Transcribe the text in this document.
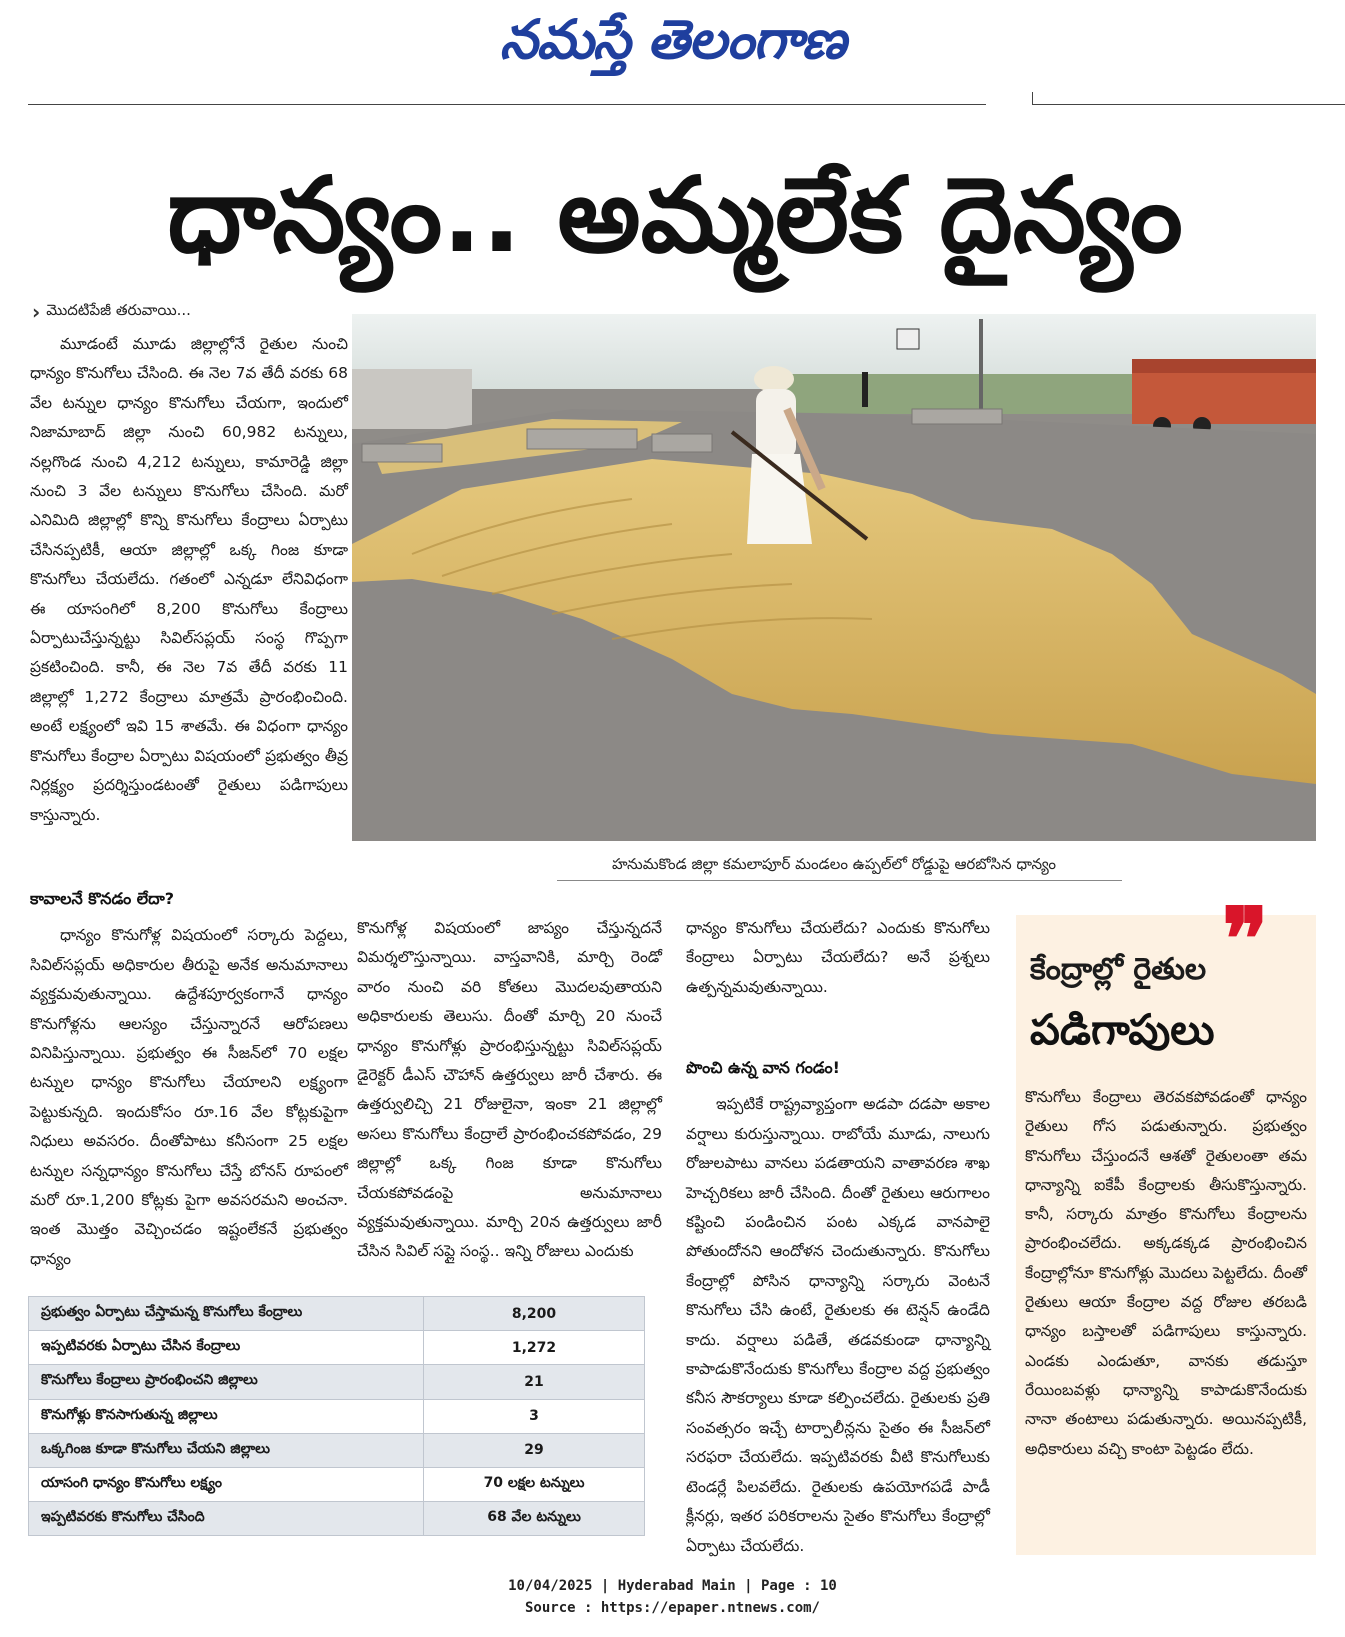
నమస్తే తెలంగాణ
ధాన్యం.. అమ్మలేక దైన్యం
› మొదటిపేజీ తరువాయి...

మూడంటే మూడు జిల్లాల్లోనే రైతుల నుంచి ధాన్యం కొనుగోలు చేసింది. ఈ నెల 7వ తేదీ వరకు 68 వేల టన్నుల ధాన్యం కొనుగోలు చేయగా, ఇందులో నిజామాబాద్ జిల్లా నుంచి 60,982 టన్నులు, నల్లగొండ నుంచి 4,212 టన్నులు, కామారెడ్డి జిల్లా నుంచి 3 వేల టన్నులు కొనుగోలు చేసింది. మరో ఎనిమిది జిల్లాల్లో కొన్ని కొనుగోలు కేంద్రాలు ఏర్పాటు చేసినప్పటికీ, ఆయా జిల్లాల్లో ఒక్క గింజ కూడా కొనుగోలు చేయలేదు. గతంలో ఎన్నడూ లేనివిధంగా ఈ యాసంగిలో 8,200 కొనుగోలు కేంద్రాలు ఏర్పాటుచేస్తున్నట్టు సివిల్‌సప్లయ్ సంస్థ గొప్పగా ప్రకటించింది. కానీ, ఈ నెల 7వ తేదీ వరకు 11 జిల్లాల్లో 1,272 కేంద్రాలు మాత్రమే ప్రారంభించింది. అంటే లక్ష్యంలో ఇవి 15 శాతమే. ఈ విధంగా ధాన్యం కొనుగోలు కేంద్రాల ఏర్పాటు విషయంలో ప్రభుత్వం తీవ్ర నిర్లక్ష్యం ప్రదర్శిస్తుండటంతో రైతులు పడిగాపులు కాస్తున్నారు.

హనుమకొండ జిల్లా కమలాపూర్ మండలం ఉప్పల్‌లో రోడ్డుపై ఆరబోసిన ధాన్యం

కావాలనే కొనడం లేదా?

ధాన్యం కొనుగోళ్ల విషయంలో సర్కారు పెద్దలు, సివిల్‌సప్లయ్ అధికారుల తీరుపై అనేక అనుమానాలు వ్యక్తమవుతున్నాయి. ఉద్దేశపూర్వకంగానే ధాన్యం కొనుగోళ్లను ఆలస్యం చేస్తున్నారనే ఆరోపణలు వినిపిస్తున్నాయి. ప్రభుత్వం ఈ సీజన్‌లో 70 లక్షల టన్నుల ధాన్యం కొనుగోలు చేయాలని లక్ష్యంగా పెట్టుకున్నది. ఇందుకోసం రూ.16 వేల కోట్లకుపైగా నిధులు అవసరం. దీంతోపాటు కనీసంగా 25 లక్షల టన్నుల సన్నధాన్యం కొనుగోలు చేస్తే బోనస్ రూపంలో మరో రూ.1,200 కోట్లకు పైగా అవసరమని అంచనా. ఇంత మొత్తం వెచ్చించడం ఇష్టంలేకనే ప్రభుత్వం ధాన్యం

కొనుగోళ్ల విషయంలో జాప్యం చేస్తున్నదనే విమర్శలొస్తున్నాయి. వాస్తవానికి, మార్చి రెండో వారం నుంచి వరి కోతలు మొదలవుతాయని అధికారులకు తెలుసు. దీంతో మార్చి 20 నుంచే ధాన్యం కొనుగోళ్లు ప్రారంభిస్తున్నట్టు సివిల్‌సప్లయ్ డైరెక్టర్ డీఎస్ చౌహాన్ ఉత్తర్వులు జారీ చేశారు. ఈ ఉత్తర్వులిచ్చి 21 రోజులైనా, ఇంకా 21 జిల్లాల్లో అసలు కొనుగోలు కేంద్రాలే ప్రారంభించకపోవడం, 29 జిల్లాల్లో ఒక్క గింజ కూడా కొనుగోలు చేయకపోవడంపై అనుమానాలు వ్యక్తమవుతున్నాయి. మార్చి 20న ఉత్తర్వులు జారీ చేసిన సివిల్ సప్లై సంస్థ.. ఇన్ని రోజులు ఎందుకు

ధాన్యం కొనుగోలు చేయలేదు? ఎందుకు కొనుగోలు కేంద్రాలు ఏర్పాటు చేయలేదు? అనే ప్రశ్నలు ఉత్పన్నమవుతున్నాయి.

పొంచి ఉన్న వాన గండం!

ఇప్పటికే రాష్ట్రవ్యాప్తంగా అడపా దడపా అకాల వర్షాలు కురుస్తున్నాయి. రాబోయే మూడు, నాలుగు రోజులపాటు వానలు పడతాయని వాతావరణ శాఖ హెచ్చరికలు జారీ చేసింది. దీంతో రైతులు ఆరుగాలం కష్టించి పండించిన పంట ఎక్కడ వానపాలై పోతుందోనని ఆందోళన చెందుతున్నారు. కొనుగోలు కేంద్రాల్లో పోసిన ధాన్యాన్ని సర్కారు వెంటనే కొనుగోలు చేసి ఉంటే, రైతులకు ఈ టెన్షన్ ఉండేది కాదు. వర్షాలు పడితే, తడవకుండా ధాన్యాన్ని కాపాడుకొనేందుకు కొనుగోలు కేంద్రాల వద్ద ప్రభుత్వం కనీస సౌకర్యాలు కూడా కల్పించలేదు. రైతులకు ప్రతి సంవత్సరం ఇచ్చే టార్పాలీన్లను సైతం ఈ సీజన్‌లో సరఫరా చేయలేదు. ఇప్పటివరకు వీటి కొనుగోలుకు టెండర్లే పిలవలేదు. రైతులకు ఉపయోగపడే పాడీ క్లీనర్లు, ఇతర పరికరాలను సైతం కొనుగోలు కేంద్రాల్లో ఏర్పాటు చేయలేదు.

❞
కేంద్రాల్లో రైతుల
పడిగాపులు
కొనుగోలు కేంద్రాలు తెరవకపోవడంతో ధాన్యం రైతులు గోస పడుతున్నారు. ప్రభుత్వం కొనుగోలు చేస్తుందనే ఆశతో రైతులంతా తమ ధాన్యాన్ని ఐకేపీ కేంద్రాలకు తీసుకొస్తున్నారు. కానీ, సర్కారు మాత్రం కొనుగోలు కేంద్రాలను ప్రారంభించలేదు. అక్కడక్కడ ప్రారంభించిన కేంద్రాల్లోనూ కొనుగోళ్లు మొదలు పెట్టలేదు. దీంతో రైతులు ఆయా కేంద్రాల వద్ద రోజుల తరబడి ధాన్యం బస్తాలతో పడిగాపులు కాస్తున్నారు. ఎండకు ఎండుతూ, వానకు తడుస్తూ రేయింబవళ్లు ధాన్యాన్ని కాపాడుకొనేందుకు నానా తంటాలు పడుతున్నారు. అయినప్పటికీ, అధికారులు వచ్చి కాంటా పెట్టడం లేదు.
ప్రభుత్వం ఏర్పాటు చేస్తామన్న కొనుగోలు కేంద్రాలు	8,200
ఇప్పటివరకు ఏర్పాటు చేసిన కేంద్రాలు	1,272
కొనుగోలు కేంద్రాలు ప్రారంభించని జిల్లాలు	21
కొనుగోళ్లు కొనసాగుతున్న జిల్లాలు	3
ఒక్కగింజ కూడా కొనుగోలు చేయని జిల్లాలు	29
యాసంగి ధాన్యం కొనుగోలు లక్ష్యం	70 లక్షల టన్నులు
ఇప్పటివరకు కొనుగోలు చేసింది	68 వేల టన్నులు
10/04/2025 | Hyderabad Main | Page : 10
Source : https://epaper.ntnews.com/
